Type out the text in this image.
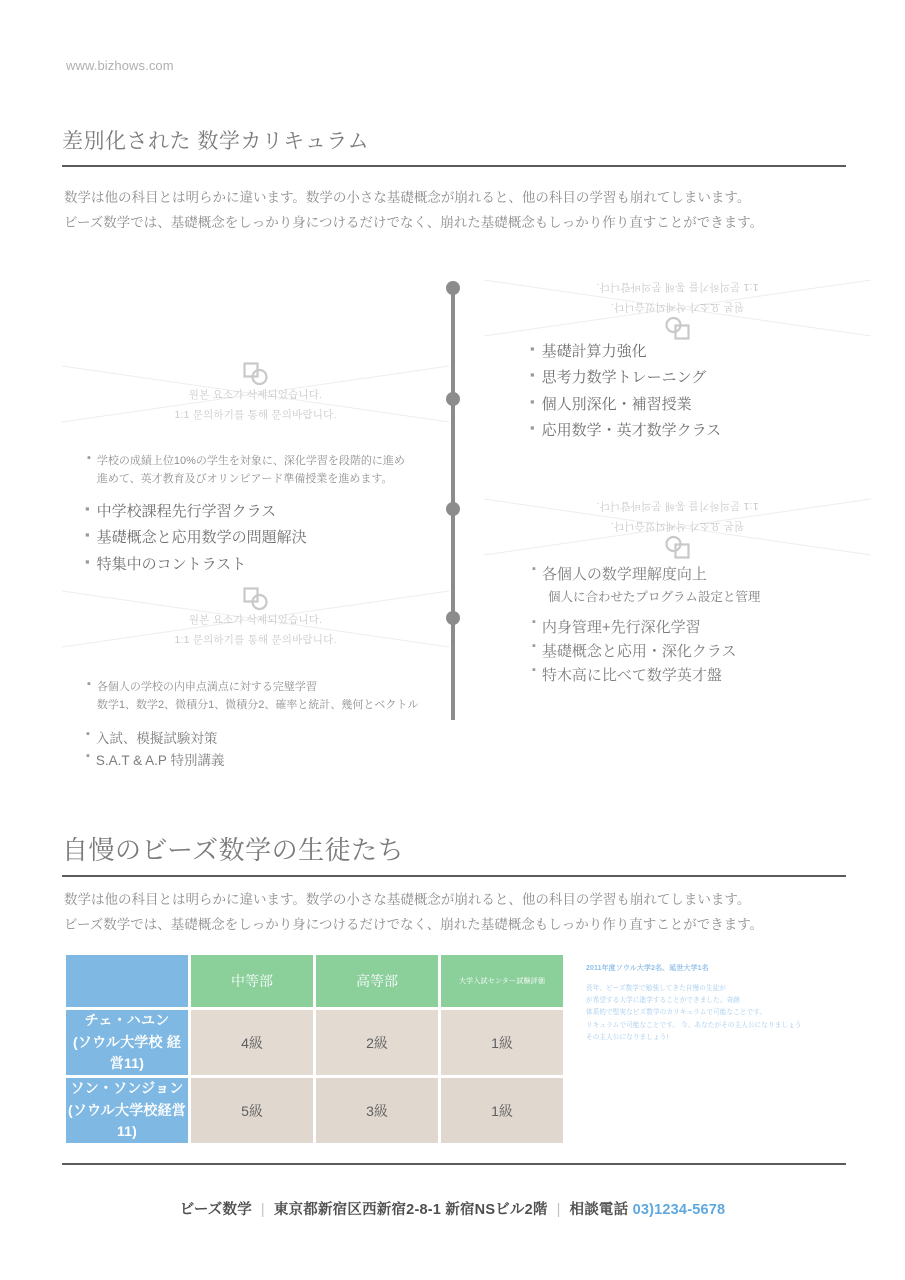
www.bizhows.com
差別化された 数学カリキュラム
数学は他の科目とは明らかに違います。数学の小さな基礎概念が崩れると、他の科目の学習も崩れてしまいます。
ビーズ数学では、基礎概念をしっかり身につけるだけでなく、崩れた基礎概念もしっかり作り直すことができます。
원본 요소가 삭제되었습니다.
1:1 문의하기를 통해 문의바랍니다.
▪ 基礎計算力強化
▪ 思考力数学トレーニング
▪ 個人別深化・補習授業
▪ 応用数学・英才数学クラス
원본 요소가 삭제되었습니다.
1:1 문의하기를 통해 문의바랍니다.
▪ 学校の成績上位10%の学生を対象に、深化学習を段階的に進め
進めて、英才教育及びオリンピアード準備授業を進めます。
▪ 中学校課程先行学習クラス
▪ 基礎概念と応用数学の問題解決
▪ 特集中のコントラスト
원본 요소가 삭제되었습니다.
1:1 문의하기를 통해 문의바랍니다.
▪ 各個人の数学理解度向上
個人に合わせたプログラム設定と管理
▪ 内身管理+先行深化学習
▪ 基礎概念と応用・深化クラス
▪ 特木高に比べて数学英才盤
원본 요소가 삭제되었습니다.
1:1 문의하기를 통해 문의바랍니다.
▪ 各個人の学校の内申点満点に対する完璧学習
数学1、数学2、微積分1、微積分2、確率と統計、幾何とベクトル
▪ 入試、模擬試験対策
▪ S.A.T & A.P 特別講義
自慢のビーズ数学の生徒たち
数学は他の科目とは明らかに違います。数学の小さな基礎概念が崩れると、他の科目の学習も崩れてしまいます。
ビーズ数学では、基礎概念をしっかり身につけるだけでなく、崩れた基礎概念もしっかり作り直すことができます。
	中等部	高等部	大学入試センター試験評価
チェ・ハユン
(ソウル大学校 経営11)	4級	2級	1級
ソン・ソンジョン
(ソウル大学校経営11)	5級	3級	1級
2011年度ソウル大学2名、延世大学1名
長年、ビーズ数学で勉強してきた自慢の生徒が
が希望する大学に進学することができました。奇跡
体系的で堅実なビズ数学のカリキュラムで可能なことです。
リキュラムで可能なことです。 今、あなたがその主人公になりましょう
その主人公になりましょう!
ビーズ数学 | 東京都新宿区西新宿2-8-1 新宿NSビル2階 | 相談電話 03)1234-5678
